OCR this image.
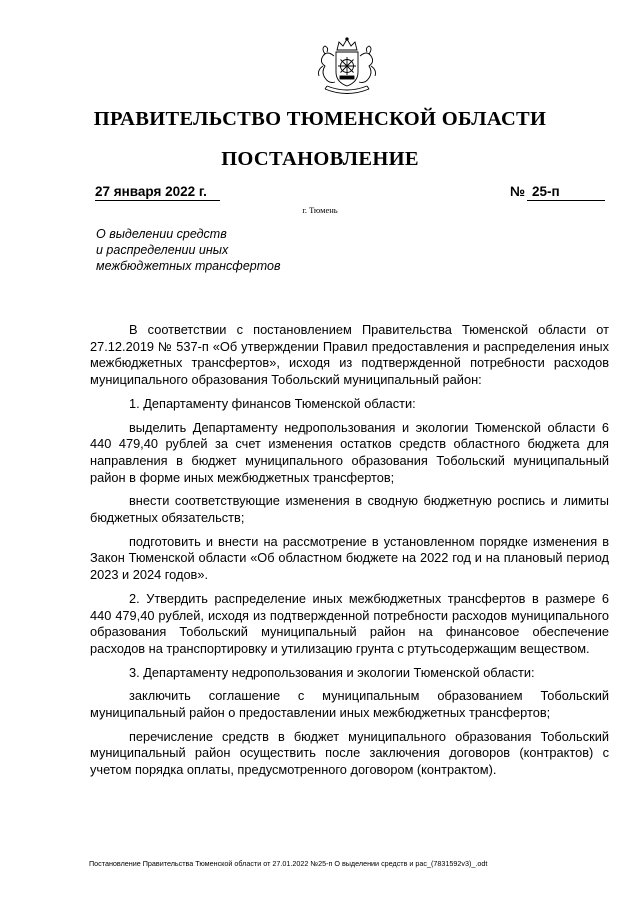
ПРАВИТЕЛЬСТВО ТЮМЕНСКОЙ ОБЛАСТИ
ПОСТАНОВЛЕНИЕ
27 января 2022 г.	№ 25-п
г. Тюмень
О выделении средств
и распределении иных
межбюджетных трансфертов

В соответствии с постановлением Правительства Тюменской области от 27.12.2019 № 537-п «Об утверждении Правил предоставления и распределения иных межбюджетных трансфертов», исходя из подтвержденной потребности расходов муниципального образования Тобольский муниципальный район:

1. Департаменту финансов Тюменской области:

выделить Департаменту недропользования и экологии Тюменской области 6 440 479,40 рублей за счет изменения остатков средств областного бюджета для направления в бюджет муниципального образования Тобольский муниципальный район в форме иных межбюджетных трансфертов;

внести соответствующие изменения в сводную бюджетную роспись и лимиты бюджетных обязательств;

подготовить и внести на рассмотрение в установленном порядке изменения в Закон Тюменской области «Об областном бюджете на 2022 год и на плановый период 2023 и 2024 годов».

2. Утвердить распределение иных межбюджетных трансфертов в размере 6 440 479,40 рублей, исходя из подтвержденной потребности расходов муниципального образования Тобольский муниципальный район на финансовое обеспечение расходов на транспортировку и утилизацию грунта с ртутьсодержащим веществом.

3. Департаменту недропользования и экологии Тюменской области:

заключить соглашение с муниципальным образованием Тобольский муниципальный район о предоставлении иных межбюджетных трансфертов;

перечисление средств в бюджет муниципального образования Тобольский муниципальный район осуществить после заключения договоров (контрактов) с учетом порядка оплаты, предусмотренного договором (контрактом).

Постановление Правительства Тюменской области от 27.01.2022 №25-п О выделении средств и рас_(7831592v3)_.odt
